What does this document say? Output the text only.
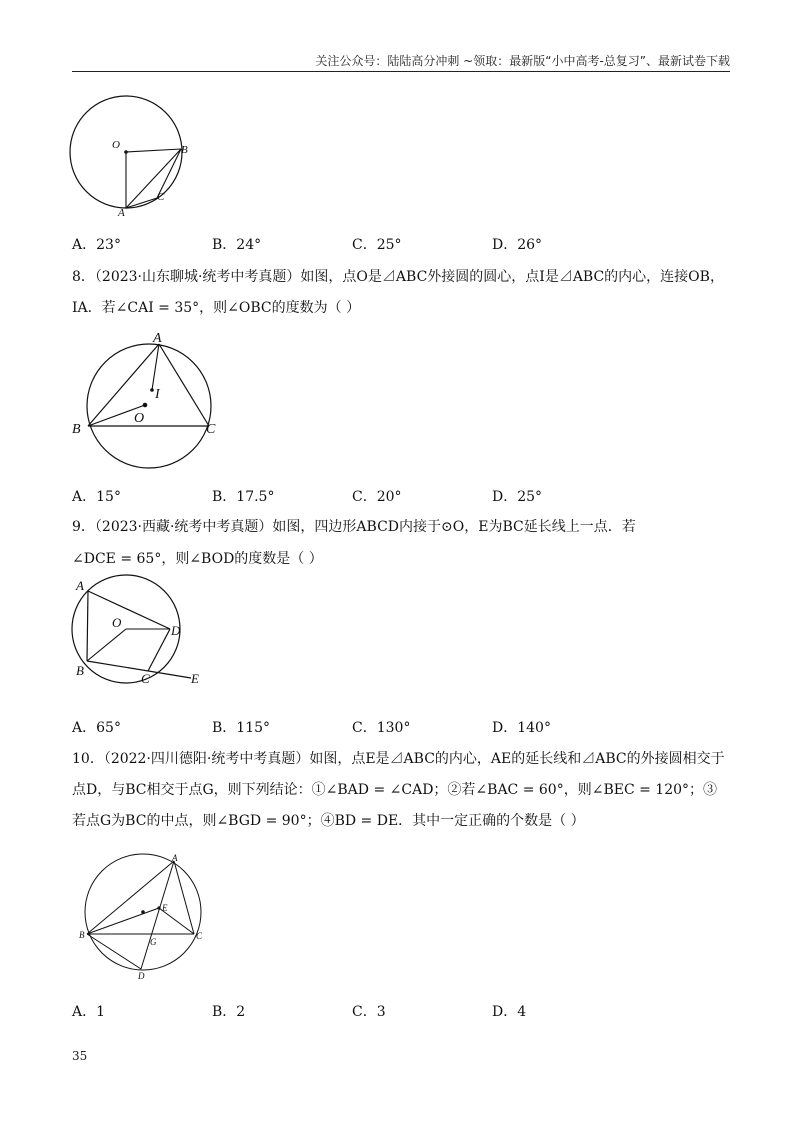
关注公众号：陆陆高分冲刺 ~领取：最新版“小中高考-总复习”、最新试卷下载
O	B
C
A
A．23°	B．24°	C．25°	D．26°
8．（2023·山东聊城·统考中考真题）如图，点O是⊿ABC外接圆的圆心，点I是⊿ABC的内心，连接OB，
IA．若∠CAI = 35°，则∠OBC的度数为（ ）
A
I
O
B	C
A．15°	B．17.5°	C．20°	D．25°
9．（2023·西藏·统考中考真题）如图，四边形ABCD内接于⊙O，E为BC延长线上一点．若
∠DCE = 65°，则∠BOD的度数是（ ）
A
O
D
B
C	E
A．65°	B．115°	C．130°	D．140°
10．（2022·四川德阳·统考中考真题）如图，点E是⊿ABC的内心，AE的延长线和⊿ABC的外接圆相交于
点D，与BC相交于点G，则下列结论：①∠BAD = ∠CAD；②若∠BAC = 60°，则∠BEC = 120°；③
若点G为BC的中点，则∠BGD = 90°；④BD = DE．其中一定正确的个数是（ ）
A
E
B
G
C
D
A．1	B．2	C．3	D．4
35
